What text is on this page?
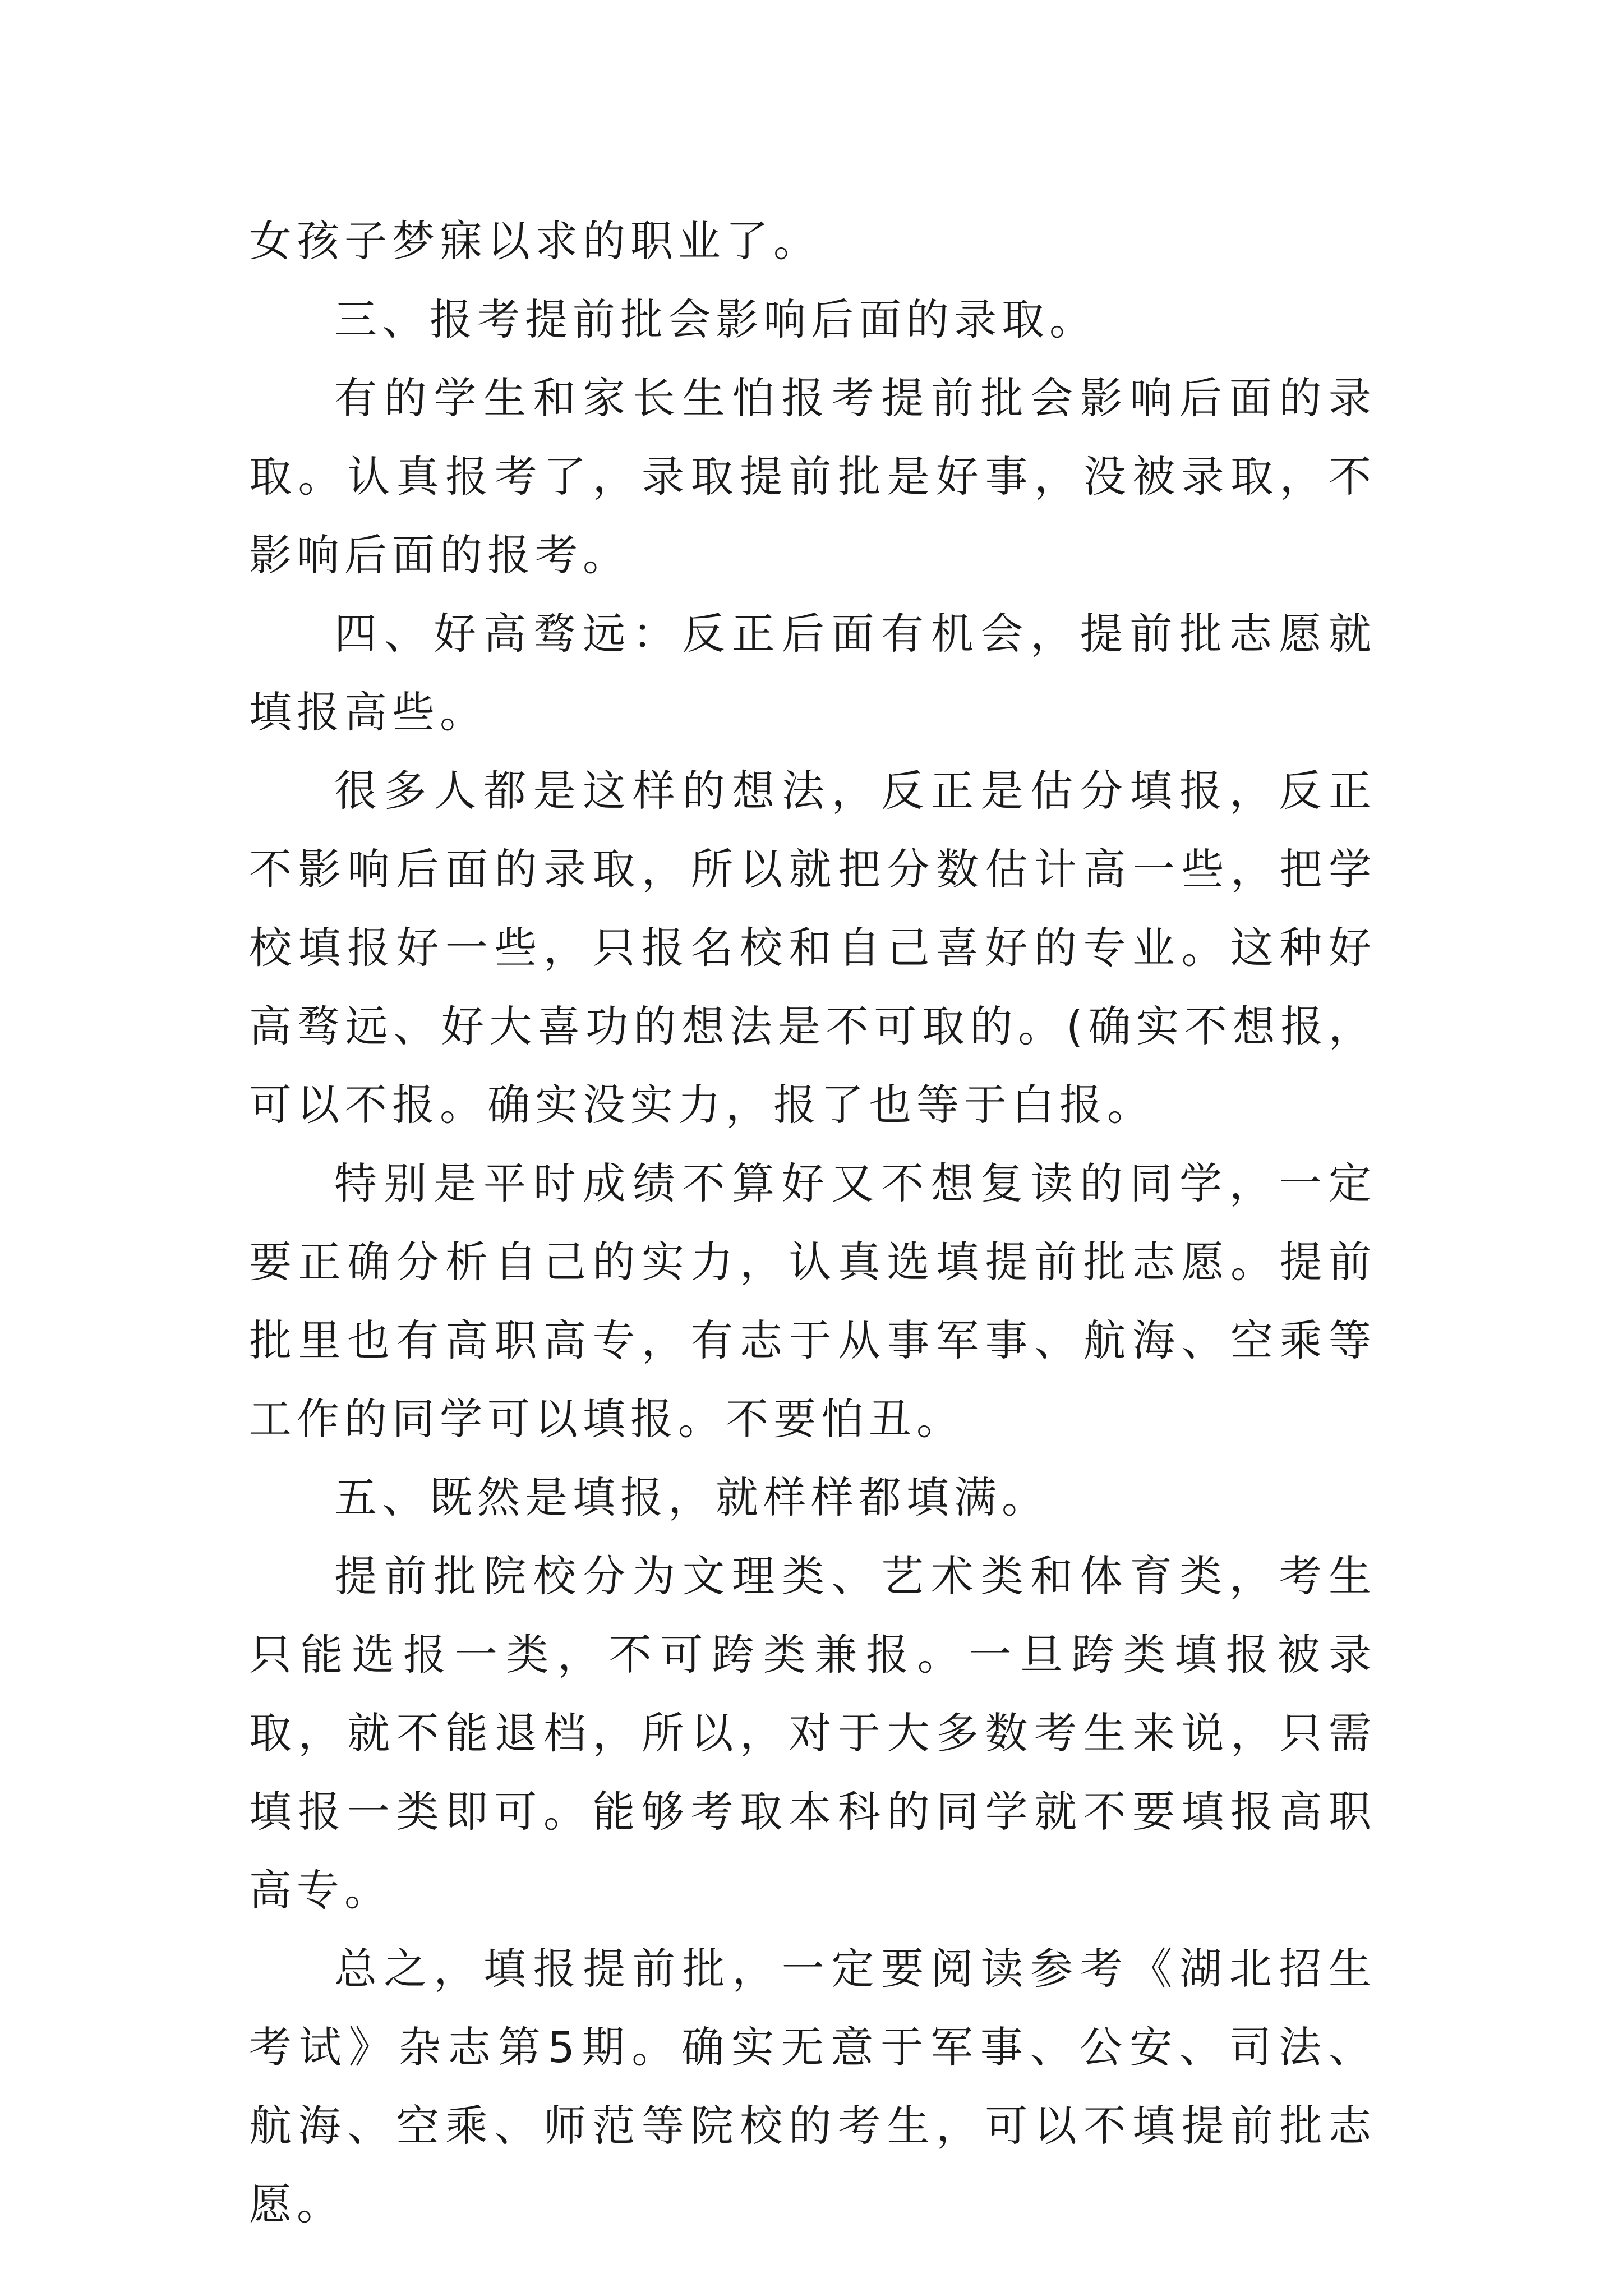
女孩子梦寐以求的职业了。

三、报考提前批会影响后面的录取。

有的学生和家长生怕报考提前批会影响后面的录取。认真报考了，录取提前批是好事，没被录取，不影响后面的报考。

四、好高骛远：反正后面有机会，提前批志愿就填报高些。

很多人都是这样的想法，反正是估分填报，反正不影响后面的录取，所以就把分数估计高一些，把学校填报好一些，只报名校和自己喜好的专业。这种好高骛远、好大喜功的想法是不可取的。(确实不想报，可以不报。确实没实力，报了也等于白报。

特别是平时成绩不算好又不想复读的同学，一定要正确分析自己的实力，认真选填提前批志愿。提前批里也有高职高专，有志于从事军事、航海、空乘等工作的同学可以填报。不要怕丑。

五、既然是填报，就样样都填满。

提前批院校分为文理类、艺术类和体育类，考生只能选报一类，不可跨类兼报。一旦跨类填报被录取，就不能退档，所以，对于大多数考生来说，只需填报一类即可。能够考取本科的同学就不要填报高职高专。

总之，填报提前批，一定要阅读参考《湖北招生考试》杂志第5期。确实无意于军事、公安、司法、航海、空乘、师范等院校的考生，可以不填提前批志愿。
